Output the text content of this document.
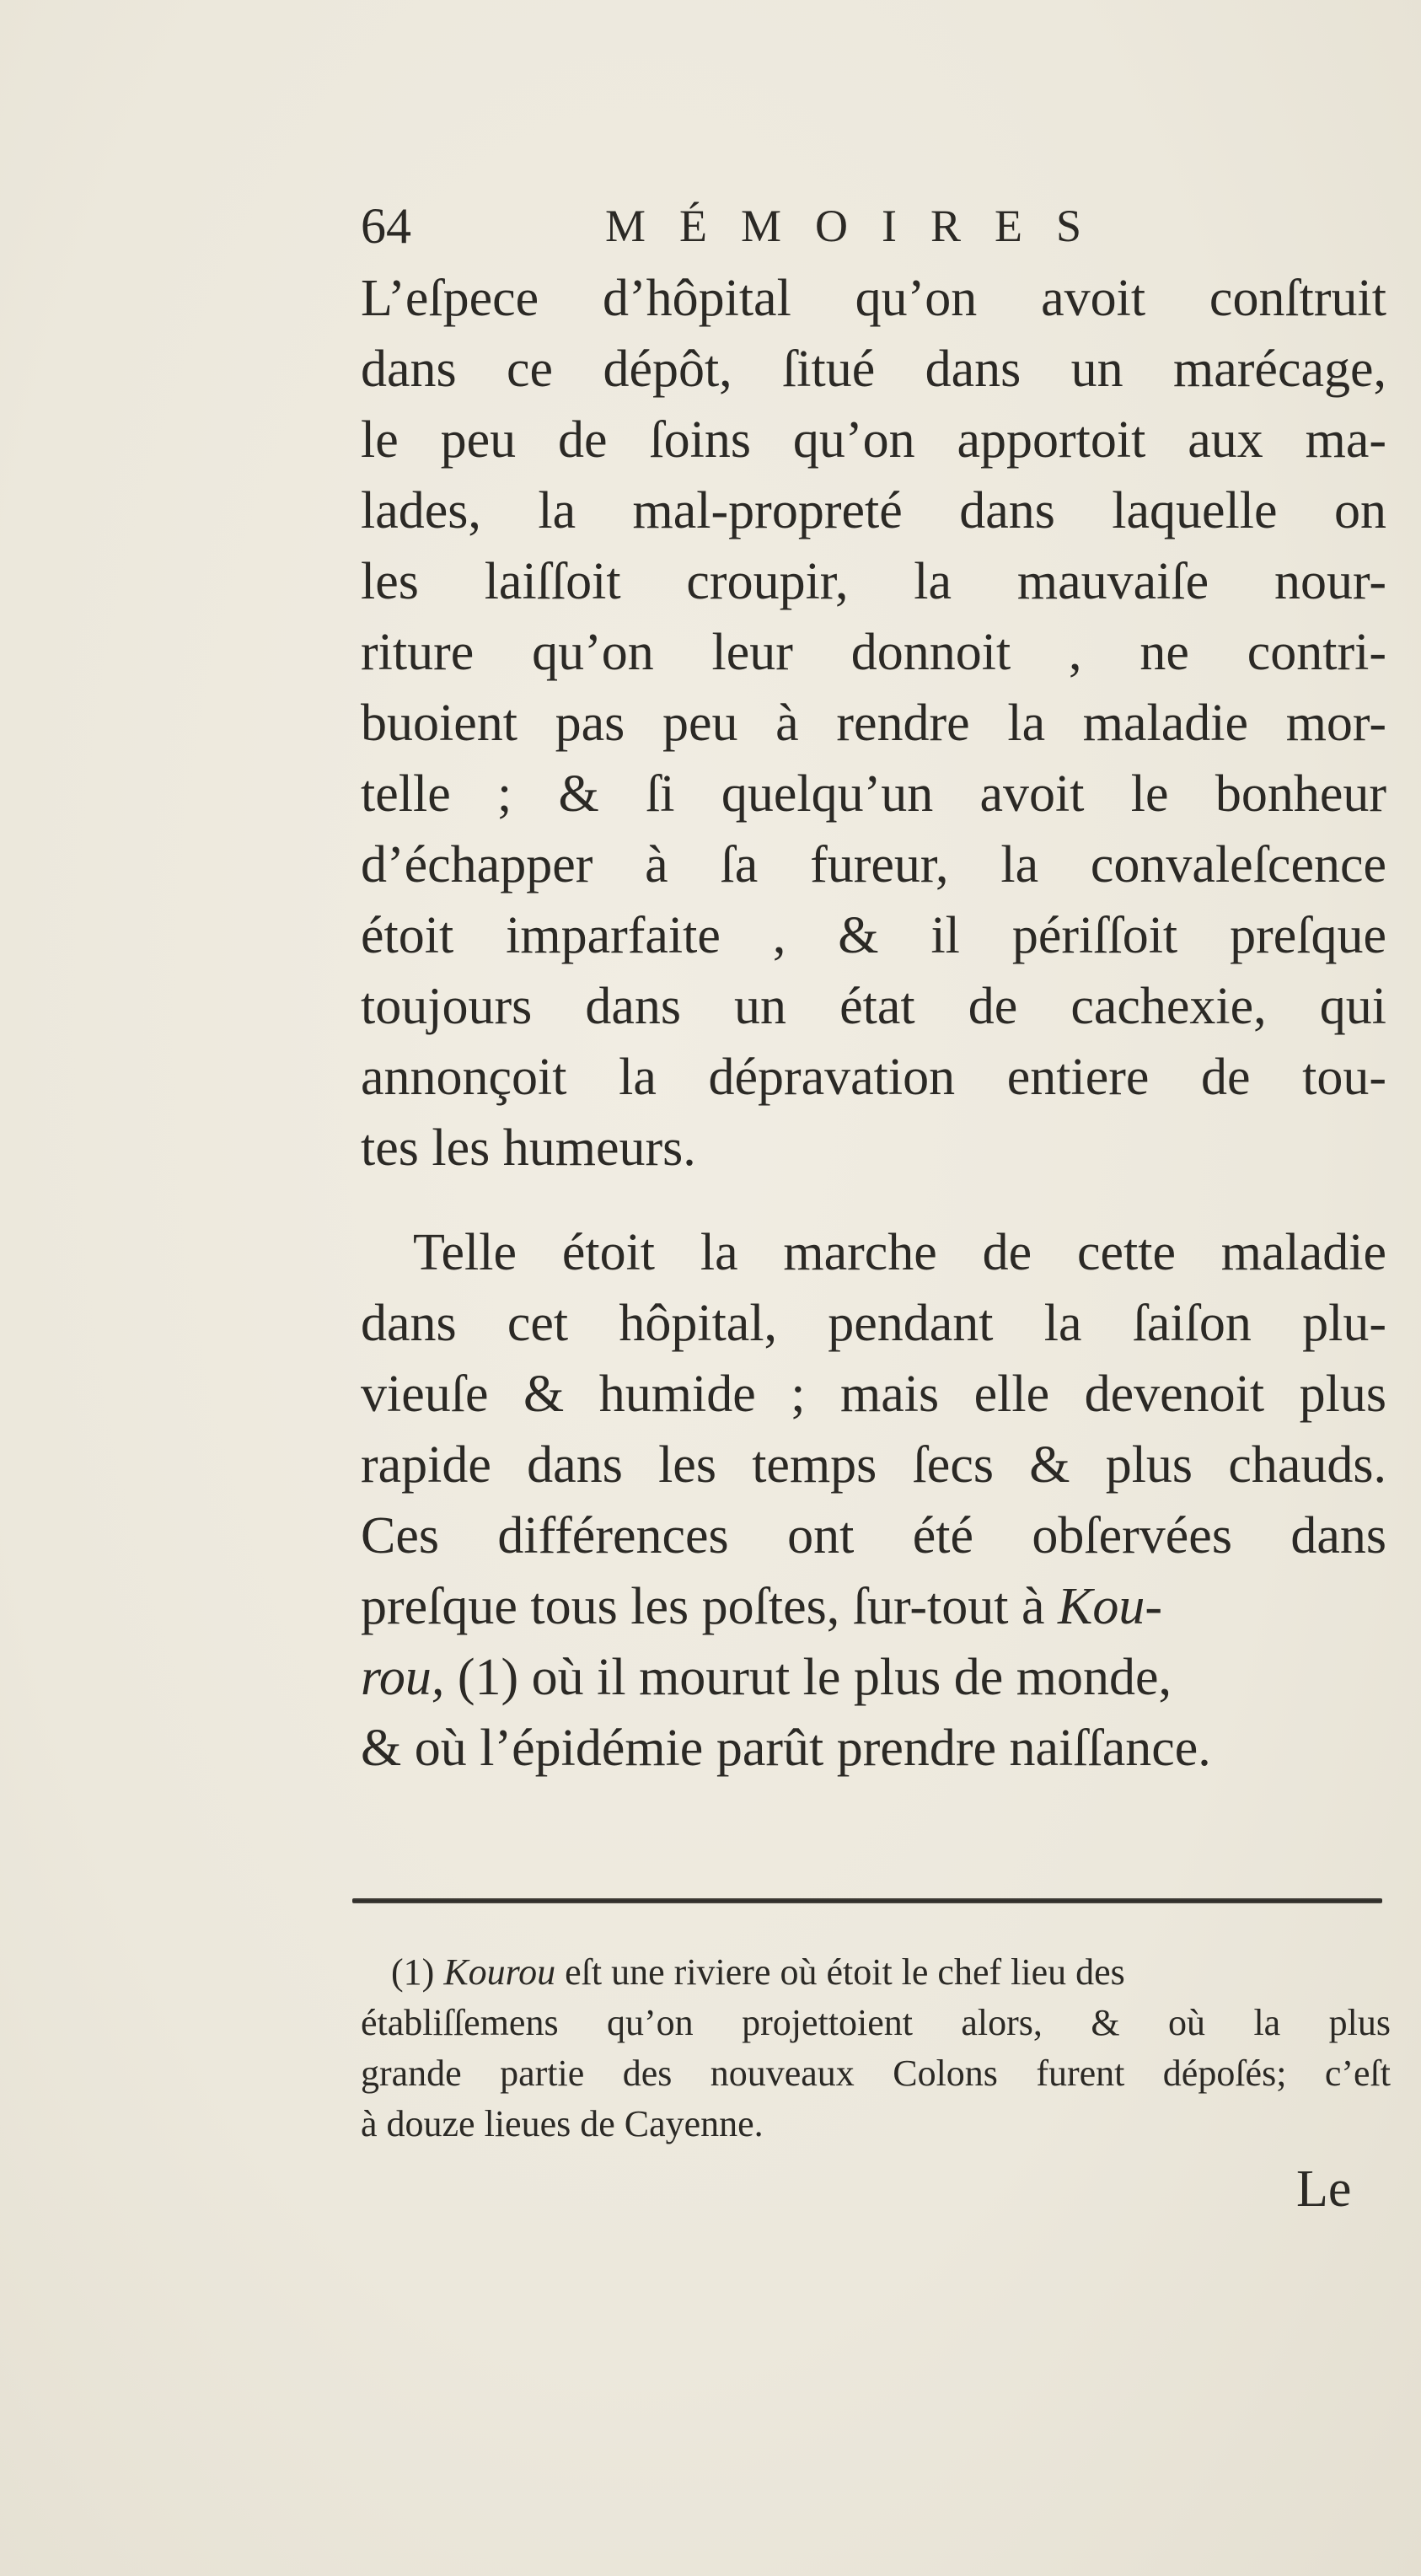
64	MÉMOIRES
L’eſpece d’hôpital qu’on avoit conſtruit
dans ce dépôt, ſitué dans un marécage,
le peu de ſoins qu’on apportoit aux ma-
lades, la mal-propreté dans laquelle on
les laiſſoit croupir, la mauvaiſe nour-
riture qu’on leur donnoit , ne contri-
buoient pas peu à rendre la maladie mor-
telle ; & ſi quelqu’un avoit le bonheur
d’échapper à ſa fureur, la convaleſcence
étoit imparfaite , & il périſſoit preſque
toujours dans un état de cachexie, qui
annonçoit la dépravation entiere de tou-
tes les humeurs.
Telle étoit la marche de cette maladie
dans cet hôpital, pendant la ſaiſon plu-
vieuſe & humide ; mais elle devenoit plus
rapide dans les temps ſecs & plus chauds.
Ces différences ont été obſervées dans
preſque tous les poſtes, ſur-tout à Kou-
rou, (1) où il mourut le plus de monde,
& où l’épidémie parût prendre naiſſance.
(1) Kourou eſt une riviere où étoit le chef lieu des
établiſſemens qu’on projettoient alors, & où la plus
grande partie des nouveaux Colons furent dépoſés; c’eſt
à douze lieues de Cayenne.
Le
